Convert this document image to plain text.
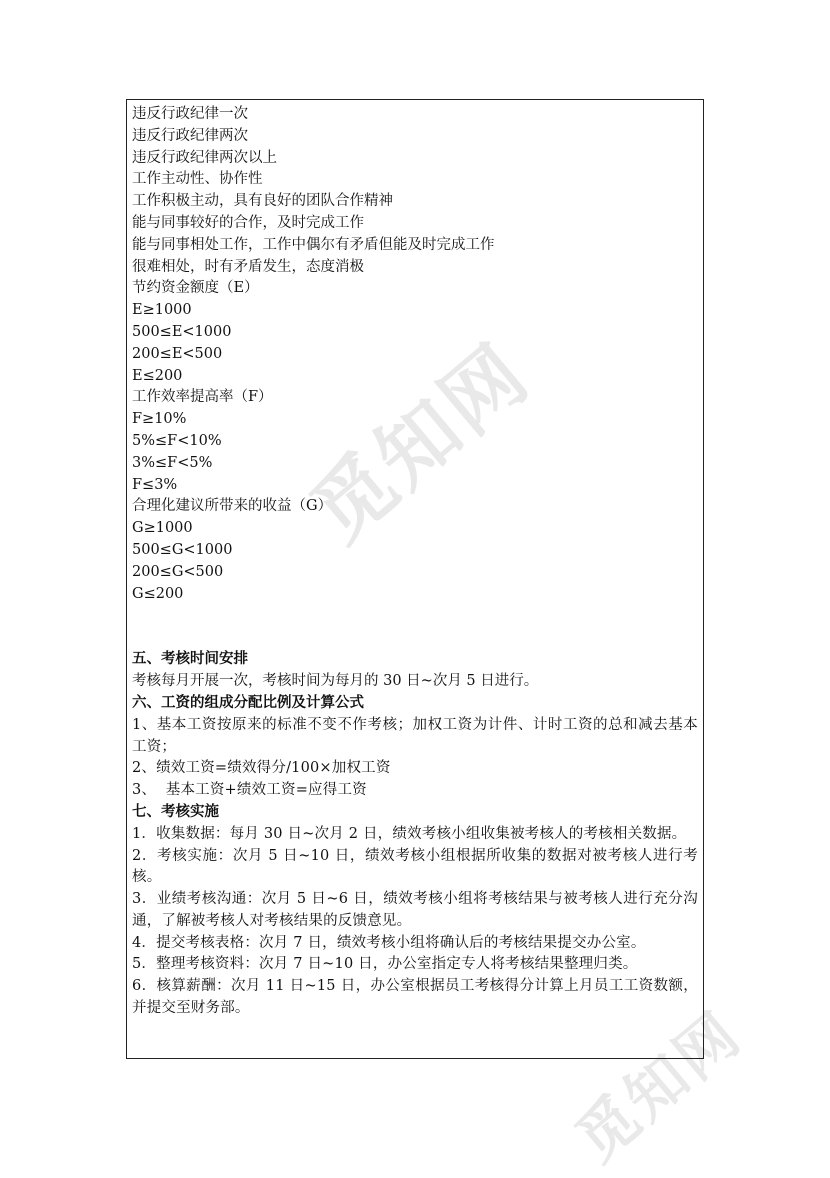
觅知网
觅知网
违反行政纪律一次
违反行政纪律两次
违反行政纪律两次以上
工作主动性、协作性
工作积极主动，具有良好的团队合作精神
能与同事较好的合作，及时完成工作
能与同事相处工作，工作中偶尔有矛盾但能及时完成工作
很难相处，时有矛盾发生，态度消极
节约资金额度（E）
E≥1000
500≤E<1000
200≤E<500
E≤200
工作效率提高率（F）
F≥10%
5%≤F<10%
3%≤F<5%
F≤3%
合理化建议所带来的收益（G）
G≥1000
500≤G<1000
200≤G<500
G≤200
五、考核时间安排
考核每月开展一次，考核时间为每月的 30 日~次月 5 日进行。
六、工资的组成分配比例及计算公式
1、基本工资按原来的标准不变不作考核；加权工资为计件、计时工资的总和减去基本工资；
2、绩效工资=绩效得分/100×加权工资
3、  基本工资+绩效工资=应得工资
七、考核实施
1．收集数据：每月 30 日~次月 2 日，绩效考核小组收集被考核人的考核相关数据。
2．考核实施：次月 5 日~10 日，绩效考核小组根据所收集的数据对被考核人进行考核。
3．业绩考核沟通：次月 5 日~6 日，绩效考核小组将考核结果与被考核人进行充分沟通，了解被考核人对考核结果的反馈意见。
4．提交考核表格：次月 7 日，绩效考核小组将确认后的考核结果提交办公室。
5．整理考核资料：次月 7 日~10 日，办公室指定专人将考核结果整理归类。
6．核算薪酬：次月 11 日~15 日，办公室根据员工考核得分计算上月员工工资数额，并提交至财务部。
